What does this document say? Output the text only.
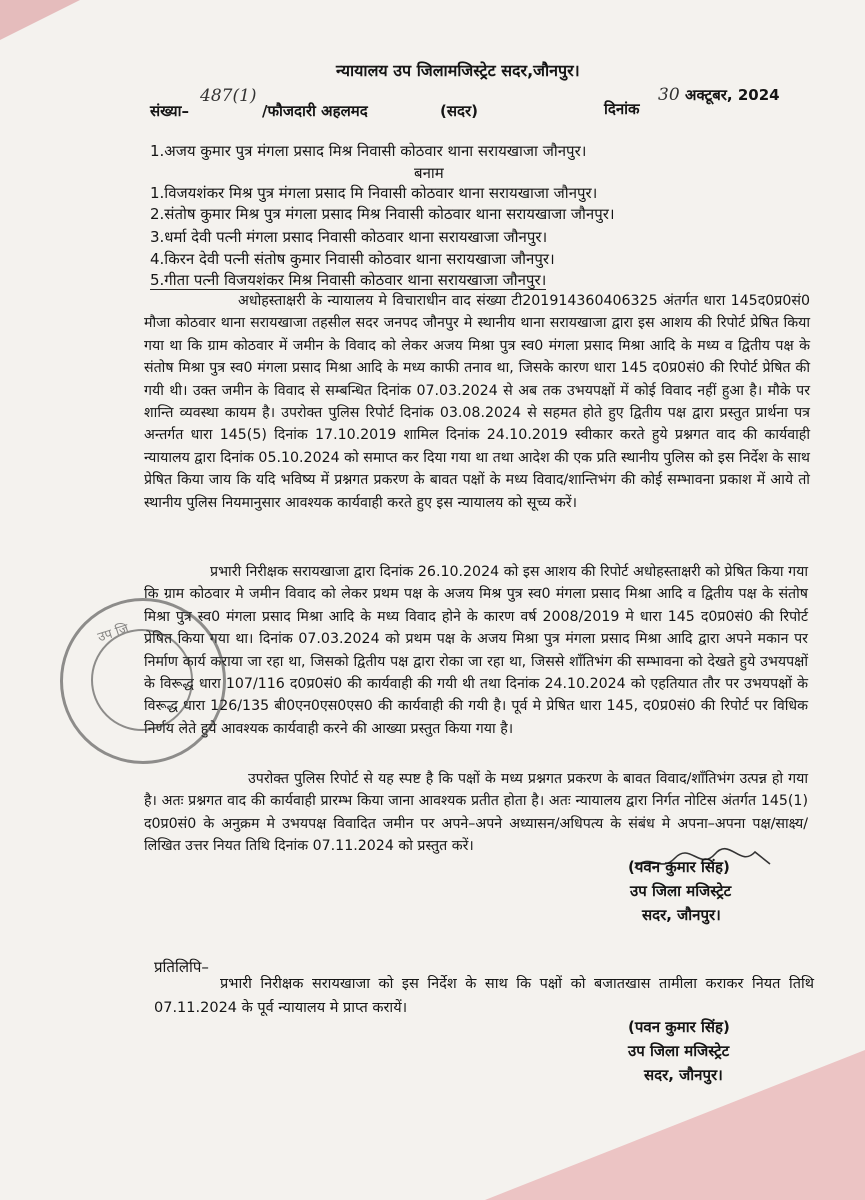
न्यायालय उप जिलामजिस्ट्रेट सदर,जौनपुर।

संख्या–

487(1)

/फौजदारी अहलमद	(सदर)	दिनांक

30 अक्टूबर, 2024

1.अजय कुमार पुत्र मंगला प्रसाद मिश्र निवासी कोठवार थाना सरायखाजा जौनपुर।

बनाम

1.विजयशंकर मिश्र पुत्र मंगला प्रसाद मि निवासी कोठवार थाना सरायखाजा जौनपुर।

2.संतोष कुमार मिश्र पुत्र मंगला प्रसाद मिश्र निवासी कोठवार थाना सरायखाजा जौनपुर।

3.धर्मा देवी पत्नी मंगला प्रसाद निवासी कोठवार थाना सरायखाजा जौनपुर।

4.किरन देवी पत्नी संतोष कुमार निवासी कोठवार थाना सरायखाजा जौनपुर।

5.गीता पत्नी विजयशंकर मिश्र निवासी कोठवार थाना सरायखाजा जौनपुर।

अधोहस्ताक्षरी के न्यायालय मे विचाराधीन वाद संख्या टी201914360406325 अंतर्गत धारा 145द0प्र0सं0 मौजा कोठवार थाना सरायखाजा तहसील सदर जनपद जौनपुर मे स्थानीय थाना सरायखाजा द्वारा इस आशय की रिपोर्ट प्रेषित किया गया था कि ग्राम कोठवार में जमीन के विवाद को लेकर अजय मिश्रा पुत्र स्व0 मंगला प्रसाद मिश्रा आदि के मध्य व द्वितीय पक्ष के संतोष मिश्रा पुत्र स्व0 मंगला प्रसाद मिश्रा आदि के मध्य काफी तनाव था, जिसके कारण धारा 145 द0प्र0सं0 की रिपोर्ट प्रेषित की गयी थी। उक्त जमीन के विवाद से सम्बन्धित दिनांक 07.03.2024 से अब तक उभयपक्षों में कोई विवाद नहीं हुआ है। मौके पर शान्ति व्यवस्था कायम है। उपरोक्त पुलिस रिपोर्ट दिनांक 03.08.2024 से सहमत होते हुए द्वितीय पक्ष द्वारा प्रस्तुत प्रार्थना पत्र अन्तर्गत धारा 145(5) दिनांक 17.10.2019 शामिल दिनांक 24.10.2019 स्वीकार करते हुये प्रश्नगत वाद की कार्यवाही न्यायालय द्वारा दिनांक 05.10.2024 को समाप्त कर दिया गया था तथा आदेश की एक प्रति स्थानीय पुलिस को इस निर्देश के साथ प्रेषित किया जाय कि यदि भविष्य में प्रश्नगत प्रकरण के बावत पक्षों के मध्य विवाद/शान्तिभंग की कोई सम्भावना प्रकाश में आये तो स्थानीय पुलिस नियमानुसार आवश्यक कार्यवाही करते हुए इस न्यायालय को सूच्य करें।

प्रभारी निरीक्षक सरायखाजा द्वारा दिनांक 26.10.2024 को इस आशय की रिपोर्ट अधोहस्ताक्षरी को प्रेषित किया गया कि ग्राम कोठवार मे जमीन विवाद को लेकर प्रथम पक्ष के अजय मिश्र पुत्र स्व0 मंगला प्रसाद मिश्रा आदि व द्वितीय पक्ष के संतोष मिश्रा पुत्र स्व0 मंगला प्रसाद मिश्रा आदि के मध्य विवाद होने के कारण वर्ष 2008/2019 मे धारा 145 द0प्र0सं0 की रिपोर्ट प्रेषित किया गया था। दिनांक 07.03.2024 को प्रथम पक्ष के अजय मिश्रा पुत्र मंगला प्रसाद मिश्रा आदि द्वारा अपने मकान पर निर्माण कार्य कराया जा रहा था, जिसको द्वितीय पक्ष द्वारा रोका जा रहा था, जिससे शाँतिभंग की सम्भावना को देखते हुये उभयपक्षों के विरूद्ध धारा 107/116 द0प्र0सं0 की कार्यवाही की गयी थी तथा दिनांक 24.10.2024 को एहतियात तौर पर उभयपक्षों के विरूद्ध धारा 126/135 बी0एन0एस0एस0 की कार्यवाही की गयी है। पूर्व मे प्रेषित धारा 145, द0प्र0सं0 की रिपोर्ट पर विधिक निर्णय लेते हुये आवश्यक कार्यवाही करने की आख्या प्रस्तुत किया गया है।

उपरोक्त पुलिस रिपोर्ट से यह स्पष्ट है कि पक्षों के मध्य प्रश्नगत प्रकरण के बावत विवाद/शाँतिभंग उत्पन्न हो गया है। अतः प्रश्नगत वाद की कार्यवाही प्रारम्भ किया जाना आवश्यक प्रतीत होता है। अतः न्यायालय द्वारा निर्गत नोटिस अंतर्गत 145(1) द0प्र0सं0 के अनुक्रम मे उभयपक्ष विवादित जमीन पर अपने–अपने अध्यासन/अधिपत्य के संबंध मे अपना–अपना पक्ष/साक्ष्य/लिखित उत्तर नियत तिथि दिनांक 07.11.2024 को प्रस्तुत करें।

उप जि

(पवन कुमार सिंह)

उप जिला मजिस्ट्रेट

सदर, जौनपुर।

प्रतिलिपि–

प्रभारी निरीक्षक सरायखाजा को इस निर्देश के साथ कि पक्षों को बजातखास तामीला कराकर नियत तिथि 07.11.2024 के पूर्व न्यायालय मे प्राप्त करायें।

(पवन कुमार सिंह)

उप जिला मजिस्ट्रेट

सदर, जौनपुर।
